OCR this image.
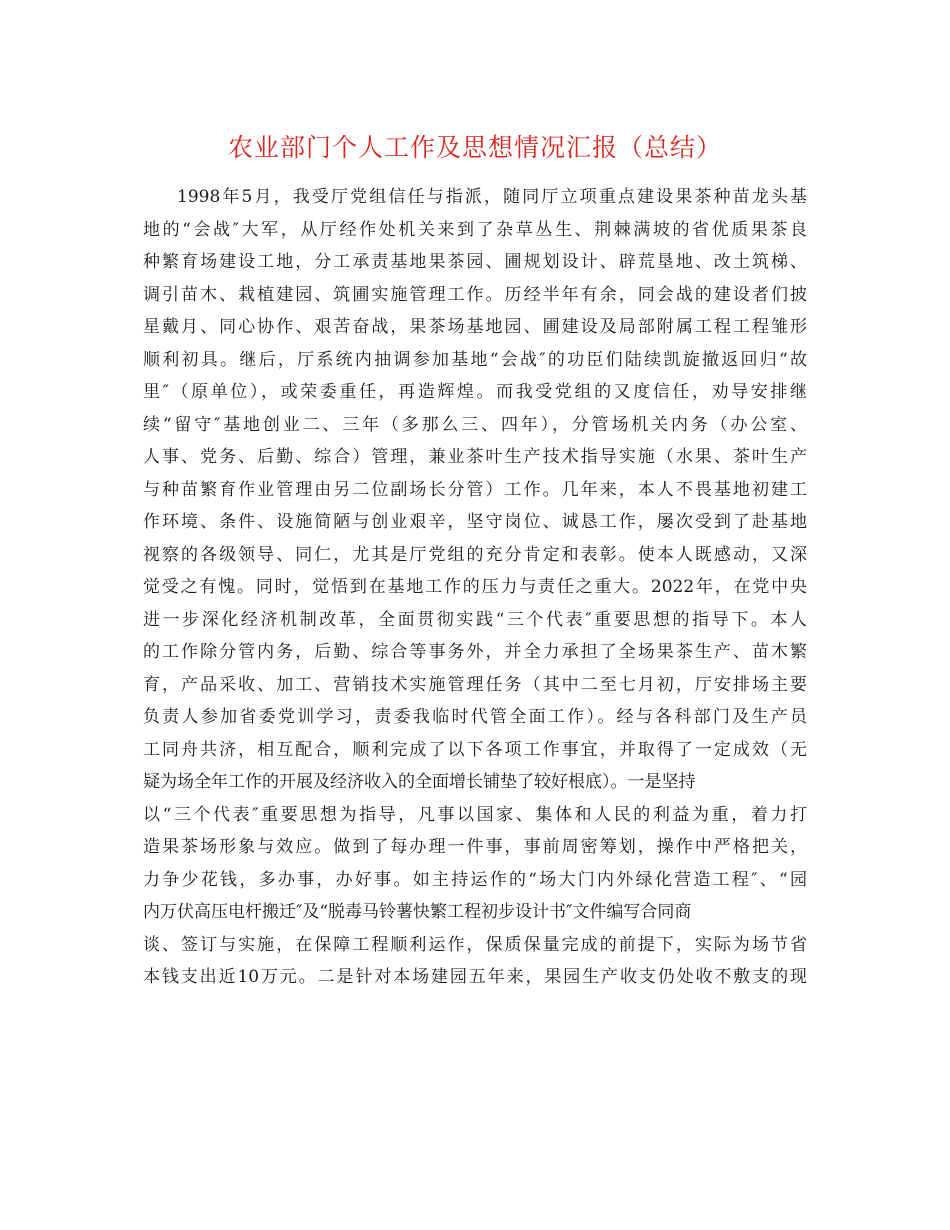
农业部门个人工作及思想情况汇报（总结）
1998年5月，我受厅党组信任与指派，随同厅立项重点建设果茶种苗龙头基
地的“会战″大军，从厅经作处机关来到了杂草丛生、荆棘满坡的省优质果茶良
种繁育场建设工地，分工承责基地果茶园、圃规划设计、辟荒垦地、改土筑梯、
调引苗木、栽植建园、筑圃实施管理工作。历经半年有余，同会战的建设者们披
星戴月、同心协作、艰苦奋战，果茶场基地园、圃建设及局部附属工程工程雏形
顺利初具。继后，厅系统内抽调参加基地“会战″的功臣们陆续凯旋撤返回归“故
里″（原单位），或荣委重任，再造辉煌。而我受党组的又度信任，劝导安排继
续“留守″基地创业二、三年（多那么三、四年），分管场机关内务（办公室、
人事、党务、后勤、综合）管理，兼业茶叶生产技术指导实施（水果、茶叶生产
与种苗繁育作业管理由另二位副场长分管）工作。几年来，本人不畏基地初建工
作环境、条件、设施简陋与创业艰辛，坚守岗位、诚恳工作，屡次受到了赴基地
视察的各级领导、同仁，尤其是厅党组的充分肯定和表彰。使本人既感动，又深
觉受之有愧。同时，觉悟到在基地工作的压力与责任之重大。2022年，在党中央
进一步深化经济机制改革，全面贯彻实践“三个代表″重要思想的指导下。本人
的工作除分管内务，后勤、综合等事务外，并全力承担了全场果茶生产、苗木繁
育，产品采收、加工、营销技术实施管理任务（其中二至七月初，厅安排场主要
负责人参加省委党训学习，责委我临时代管全面工作）。经与各科部门及生产员
工同舟共济，相互配合，顺利完成了以下各项工作事宜，并取得了一定成效（无
疑为场全年工作的开展及经济收入的全面增长铺垫了较好根底）。一是坚持
以“三个代表″重要思想为指导，凡事以国家、集体和人民的利益为重，着力打
造果茶场形象与效应。做到了每办理一件事，事前周密筹划，操作中严格把关，
力争少花钱，多办事，办好事。如主持运作的“场大门内外绿化营造工程″、“园
内万伏高压电杆搬迁″及“脱毒马铃薯快繁工程初步设计书″文件编写合同商
谈、签订与实施，在保障工程顺利运作，保质保量完成的前提下，实际为场节省
本钱支出近10万元。二是针对本场建园五年来，果园生产收支仍处收不敷支的现
